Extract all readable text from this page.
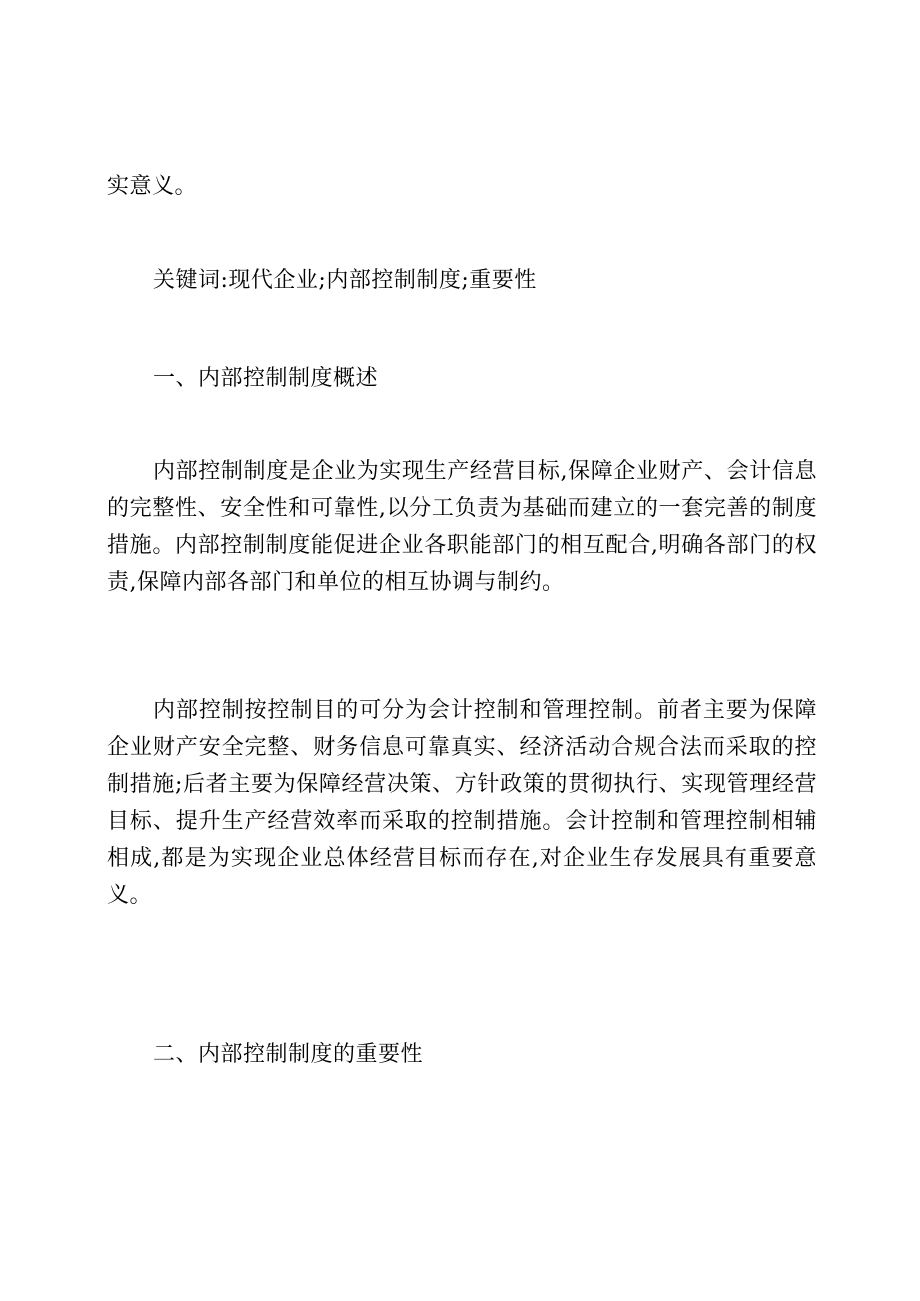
实意义。
关键词:现代企业;内部控制制度;重要性
一、内部控制制度概述

内部控制制度是企业为实现生产经营目标,保障企业财产、会计信息的完整性、安全性和可靠性,以分工负责为基础而建立的一套完善的制度措施。内部控制制度能促进企业各职能部门的相互配合,明确各部门的权责,保障内部各部门和单位的相互协调与制约。

内部控制按控制目的可分为会计控制和管理控制。前者主要为保障企业财产安全完整、财务信息可靠真实、经济活动合规合法而采取的控制措施;后者主要为保障经营决策、方针政策的贯彻执行、实现管理经营目标、提升生产经营效率而采取的控制措施。会计控制和管理控制相辅相成,都是为实现企业总体经营目标而存在,对企业生存发展具有重要意义。

二、内部控制制度的重要性
